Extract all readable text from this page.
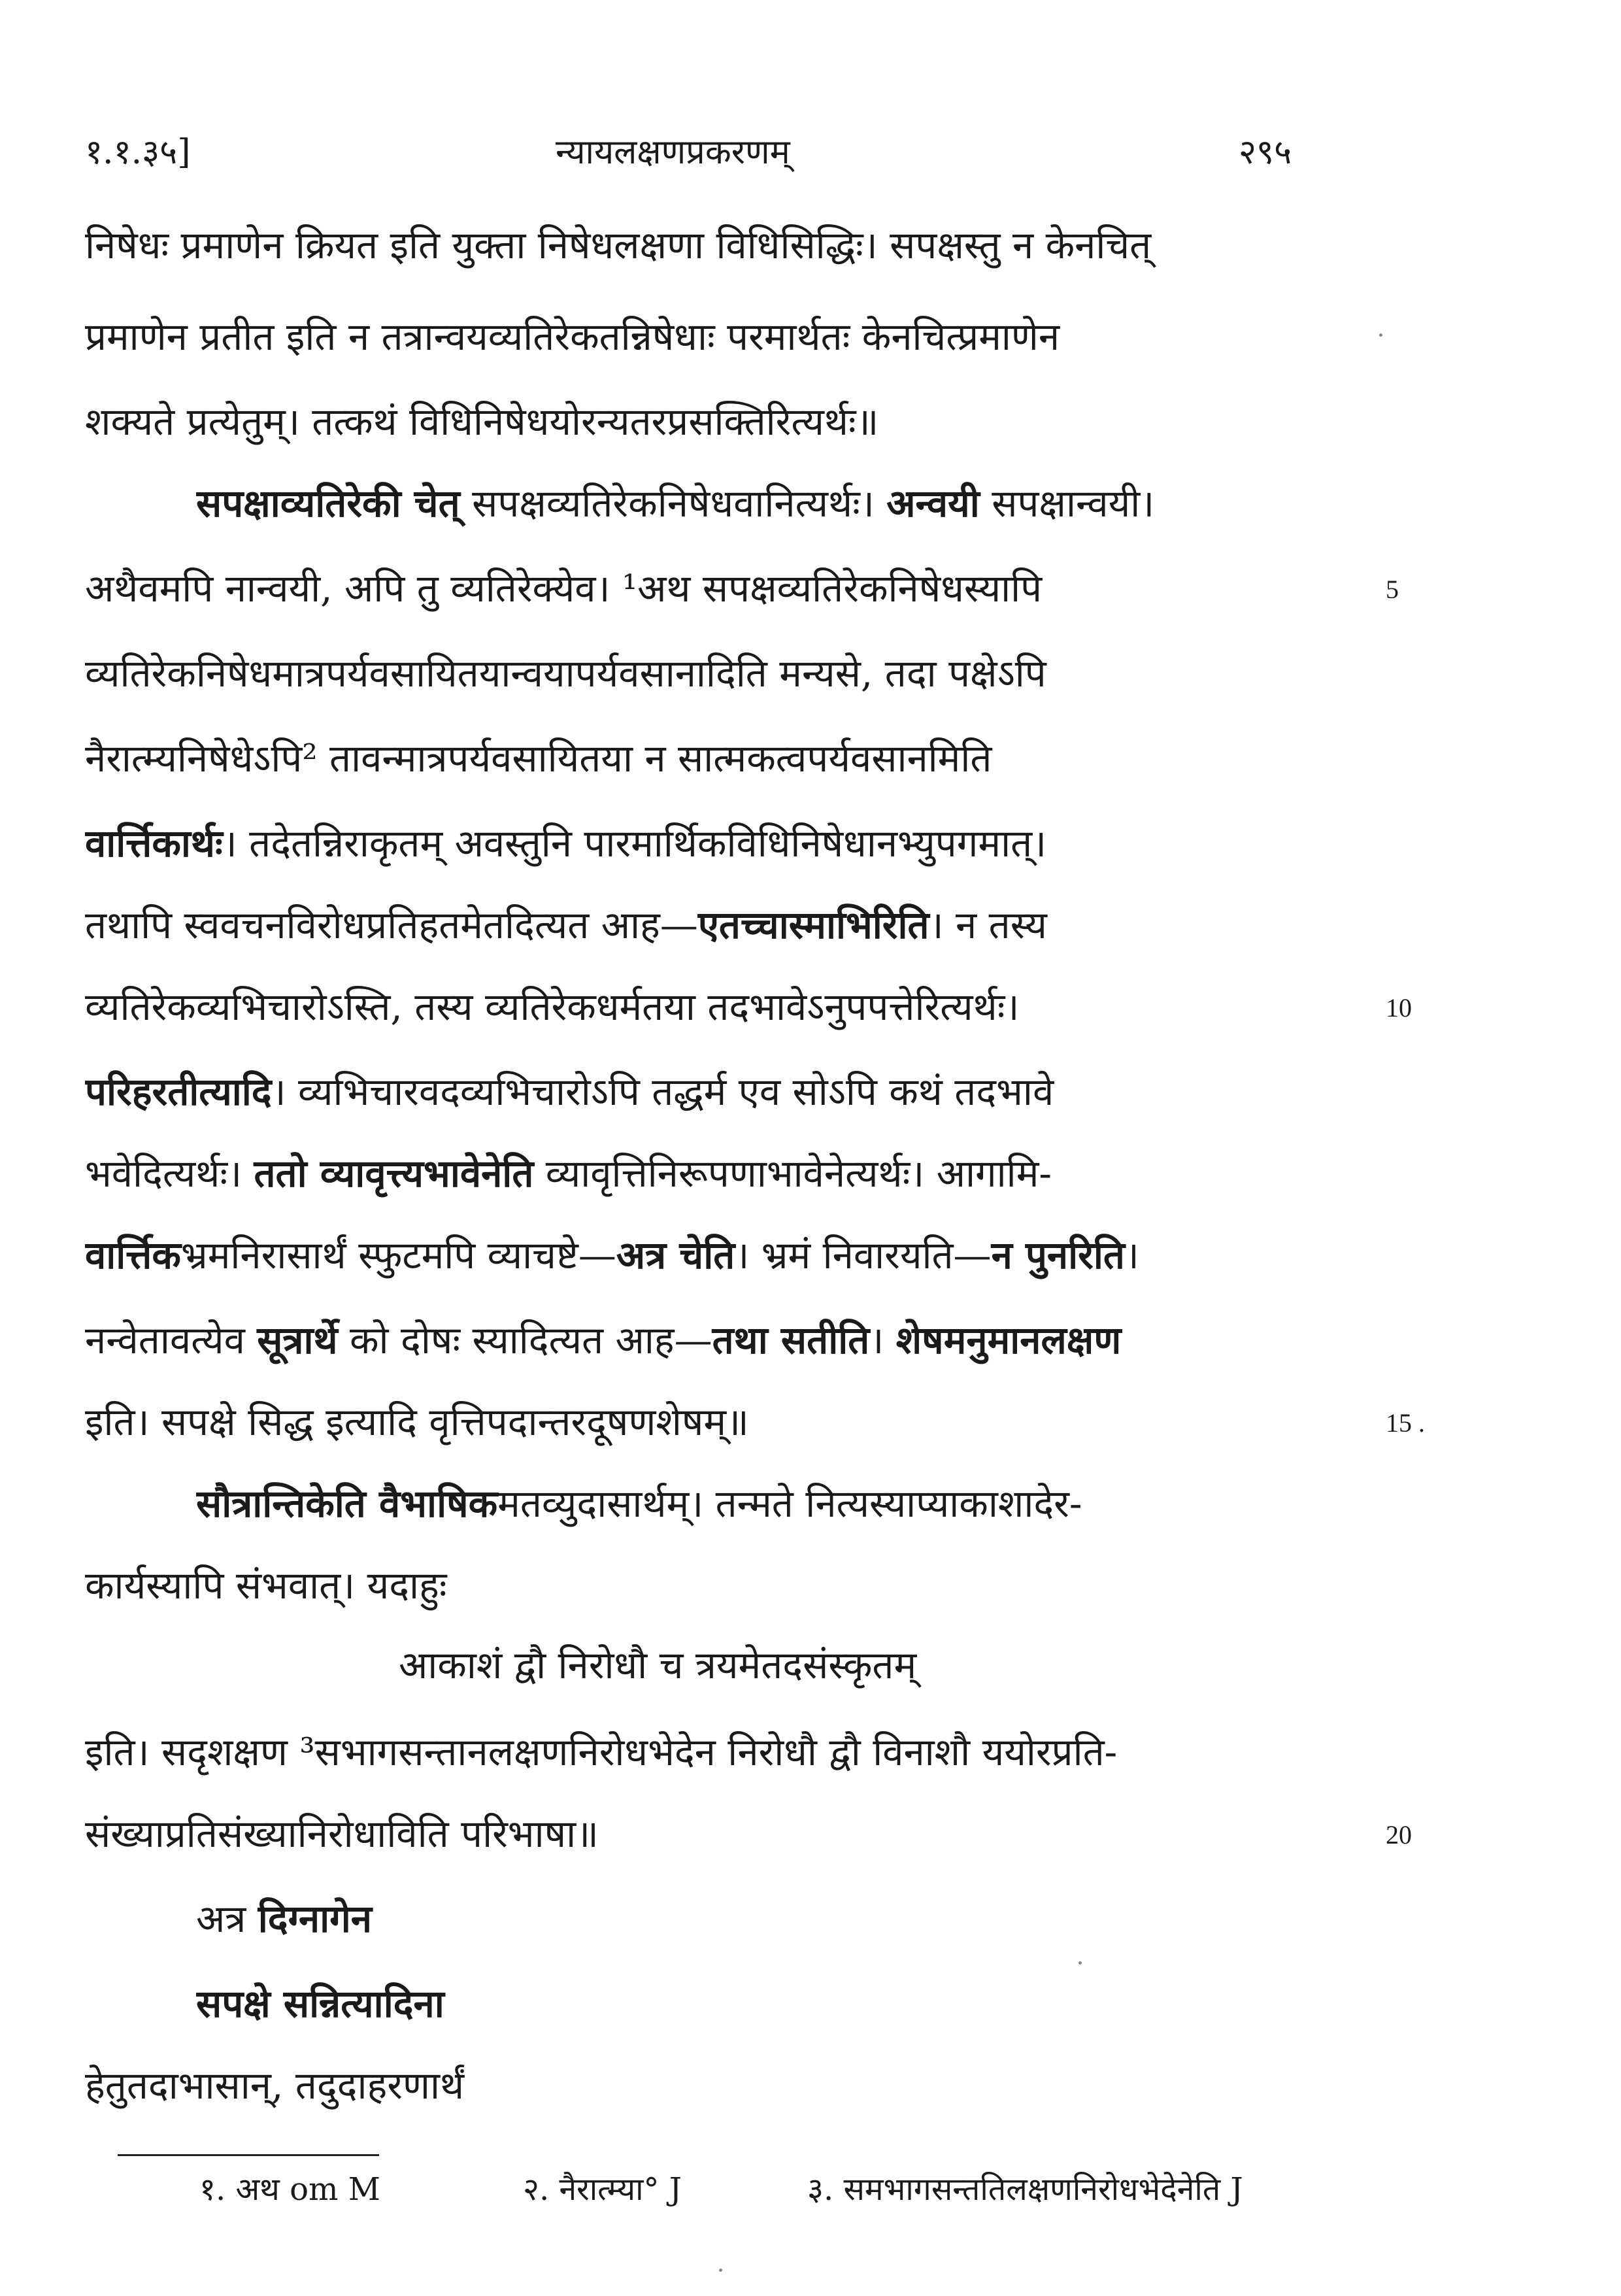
१.१.३५]	न्यायलक्षणप्रकरणम्	२९५
निषेधः प्रमाणेन क्रियत इति युक्ता निषेधलक्षणा विधिसिद्धिः। सपक्षस्तु न केनचित्
प्रमाणेन प्रतीत इति न तत्रान्वयव्यतिरेकतन्निषेधाः परमार्थतः केनचित्प्रमाणेन
शक्यते प्रत्येतुम्। तत्कथं विधिनिषेधयोरन्यतरप्रसक्तिरित्यर्थः॥
सपक्षाव्यतिरेकी चेत् सपक्षव्यतिरेकनिषेधवानित्यर्थः। अन्वयी सपक्षान्वयी।
अथैवमपि नान्वयी, अपि तु व्यतिरेक्येव। ¹अथ सपक्षव्यतिरेकनिषेधस्यापि	5
व्यतिरेकनिषेधमात्रपर्यवसायितयान्वयापर्यवसानादिति मन्यसे, तदा पक्षेऽपि
नैरात्म्यनिषेधेऽपि² तावन्मात्रपर्यवसायितया न सात्मकत्वपर्यवसानमिति
वार्त्तिकार्थः। तदेतन्निराकृतम् अवस्तुनि पारमार्थिकविधिनिषेधानभ्युपगमात्।
तथापि स्ववचनविरोधप्रतिहतमेतदित्यत आह—एतच्चास्माभिरिति। न तस्य
व्यतिरेकव्यभिचारोऽस्ति, तस्य व्यतिरेकधर्मतया तदभावेऽनुपपत्तेरित्यर्थः।	10
परिहरतीत्यादि। व्यभिचारवदव्यभिचारोऽपि तद्धर्म एव सोऽपि कथं तदभावे
भवेदित्यर्थः। ततो व्यावृत्त्यभावेनेति व्यावृत्तिनिरूपणाभावेनेत्यर्थः। आगामि-
वार्त्तिकभ्रमनिरासार्थं स्फुटमपि व्याचष्टे—अत्र चेति। भ्रमं निवारयति—न पुनरिति।
नन्वेतावत्येव सूत्रार्थे को दोषः स्यादित्यत आह—तथा सतीति। शेषमनुमानलक्षण
इति। सपक्षे सिद्ध इत्यादि वृत्तिपदान्तरदूषणशेषम्॥	15 .
सौत्रान्तिकेति वैभाषिकमतव्युदासार्थम्। तन्मते नित्यस्याप्याकाशादेर-
कार्यस्यापि संभवात्। यदाहुः
आकाशं द्वौ निरोधौ च त्रयमेतदसंस्कृतम्
इति। सदृशक्षण ³सभागसन्तानलक्षणनिरोधभेदेन निरोधौ द्वौ विनाशौ ययोरप्रति-
संख्याप्रतिसंख्यानिरोधाविति परिभाषा॥	20
अत्र दिग्नागेन
सपक्षे सन्नित्यादिना
हेतुतदाभासान्, तदुदाहरणार्थं
१. अथ om M	२. नैरात्म्या° J	३. समभागसन्ततिलक्षणनिरोधभेदेनेति J
